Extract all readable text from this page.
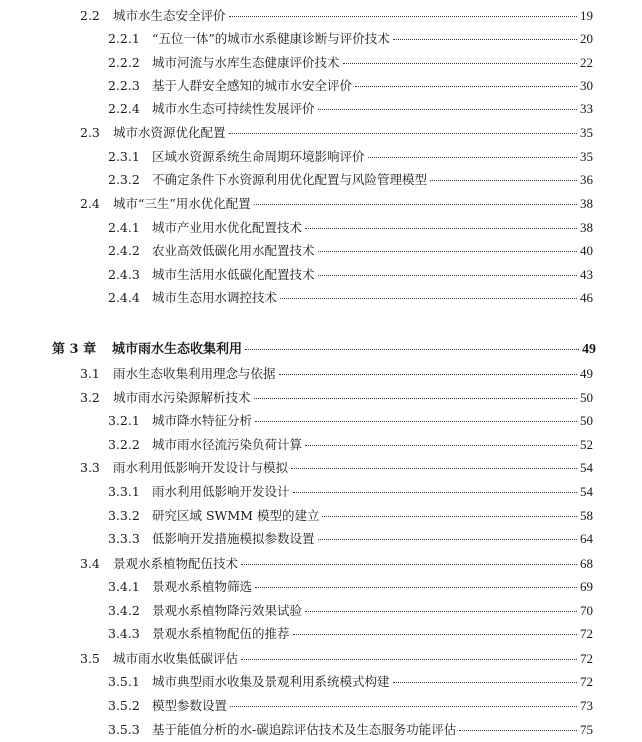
2.2	城市水生态安全评价	19
2.2.1 “五位一体”的城市水系健康诊断与评价技术	20
2.2.2 城市河流与水库生态健康评价技术	22
2.2.3 基于人群安全感知的城市水安全评价	30
2.2.4 城市水生态可持续性发展评价	33
2.3	城市水资源优化配置	35
2.3.1 区域水资源系统生命周期环境影响评价	35
2.3.2 不确定条件下水资源利用优化配置与风险管理模型	36
2.4	城市“三生”用水优化配置	38
2.4.1 城市产业用水优化配置技术	38
2.4.2 农业高效低碳化用水配置技术	40
2.4.3 城市生活用水低碳化配置技术	43
2.4.4 城市生态用水调控技术	46
第 3 章	城市雨水生态收集利用	49
3.1	雨水生态收集利用理念与依据	49
3.2	城市雨水污染源解析技术	50
3.2.1 城市降水特征分析	50
3.2.2 城市雨水径流污染负荷计算	52
3.3	雨水利用低影响开发设计与模拟	54
3.3.1 雨水利用低影响开发设计	54
3.3.2 研究区域 SWMM 模型的建立	58
3.3.3 低影响开发措施模拟参数设置	64
3.4	景观水系植物配伍技术	68
3.4.1 景观水系植物筛选	69
3.4.2 景观水系植物降污效果试验	70
3.4.3 景观水系植物配伍的推荐	72
3.5	城市雨水收集低碳评估	72
3.5.1 城市典型雨水收集及景观利用系统模式构建	72
3.5.2 模型参数设置	73
3.5.3 基于能值分析的水-碳追踪评估技术及生态服务功能评估	75
